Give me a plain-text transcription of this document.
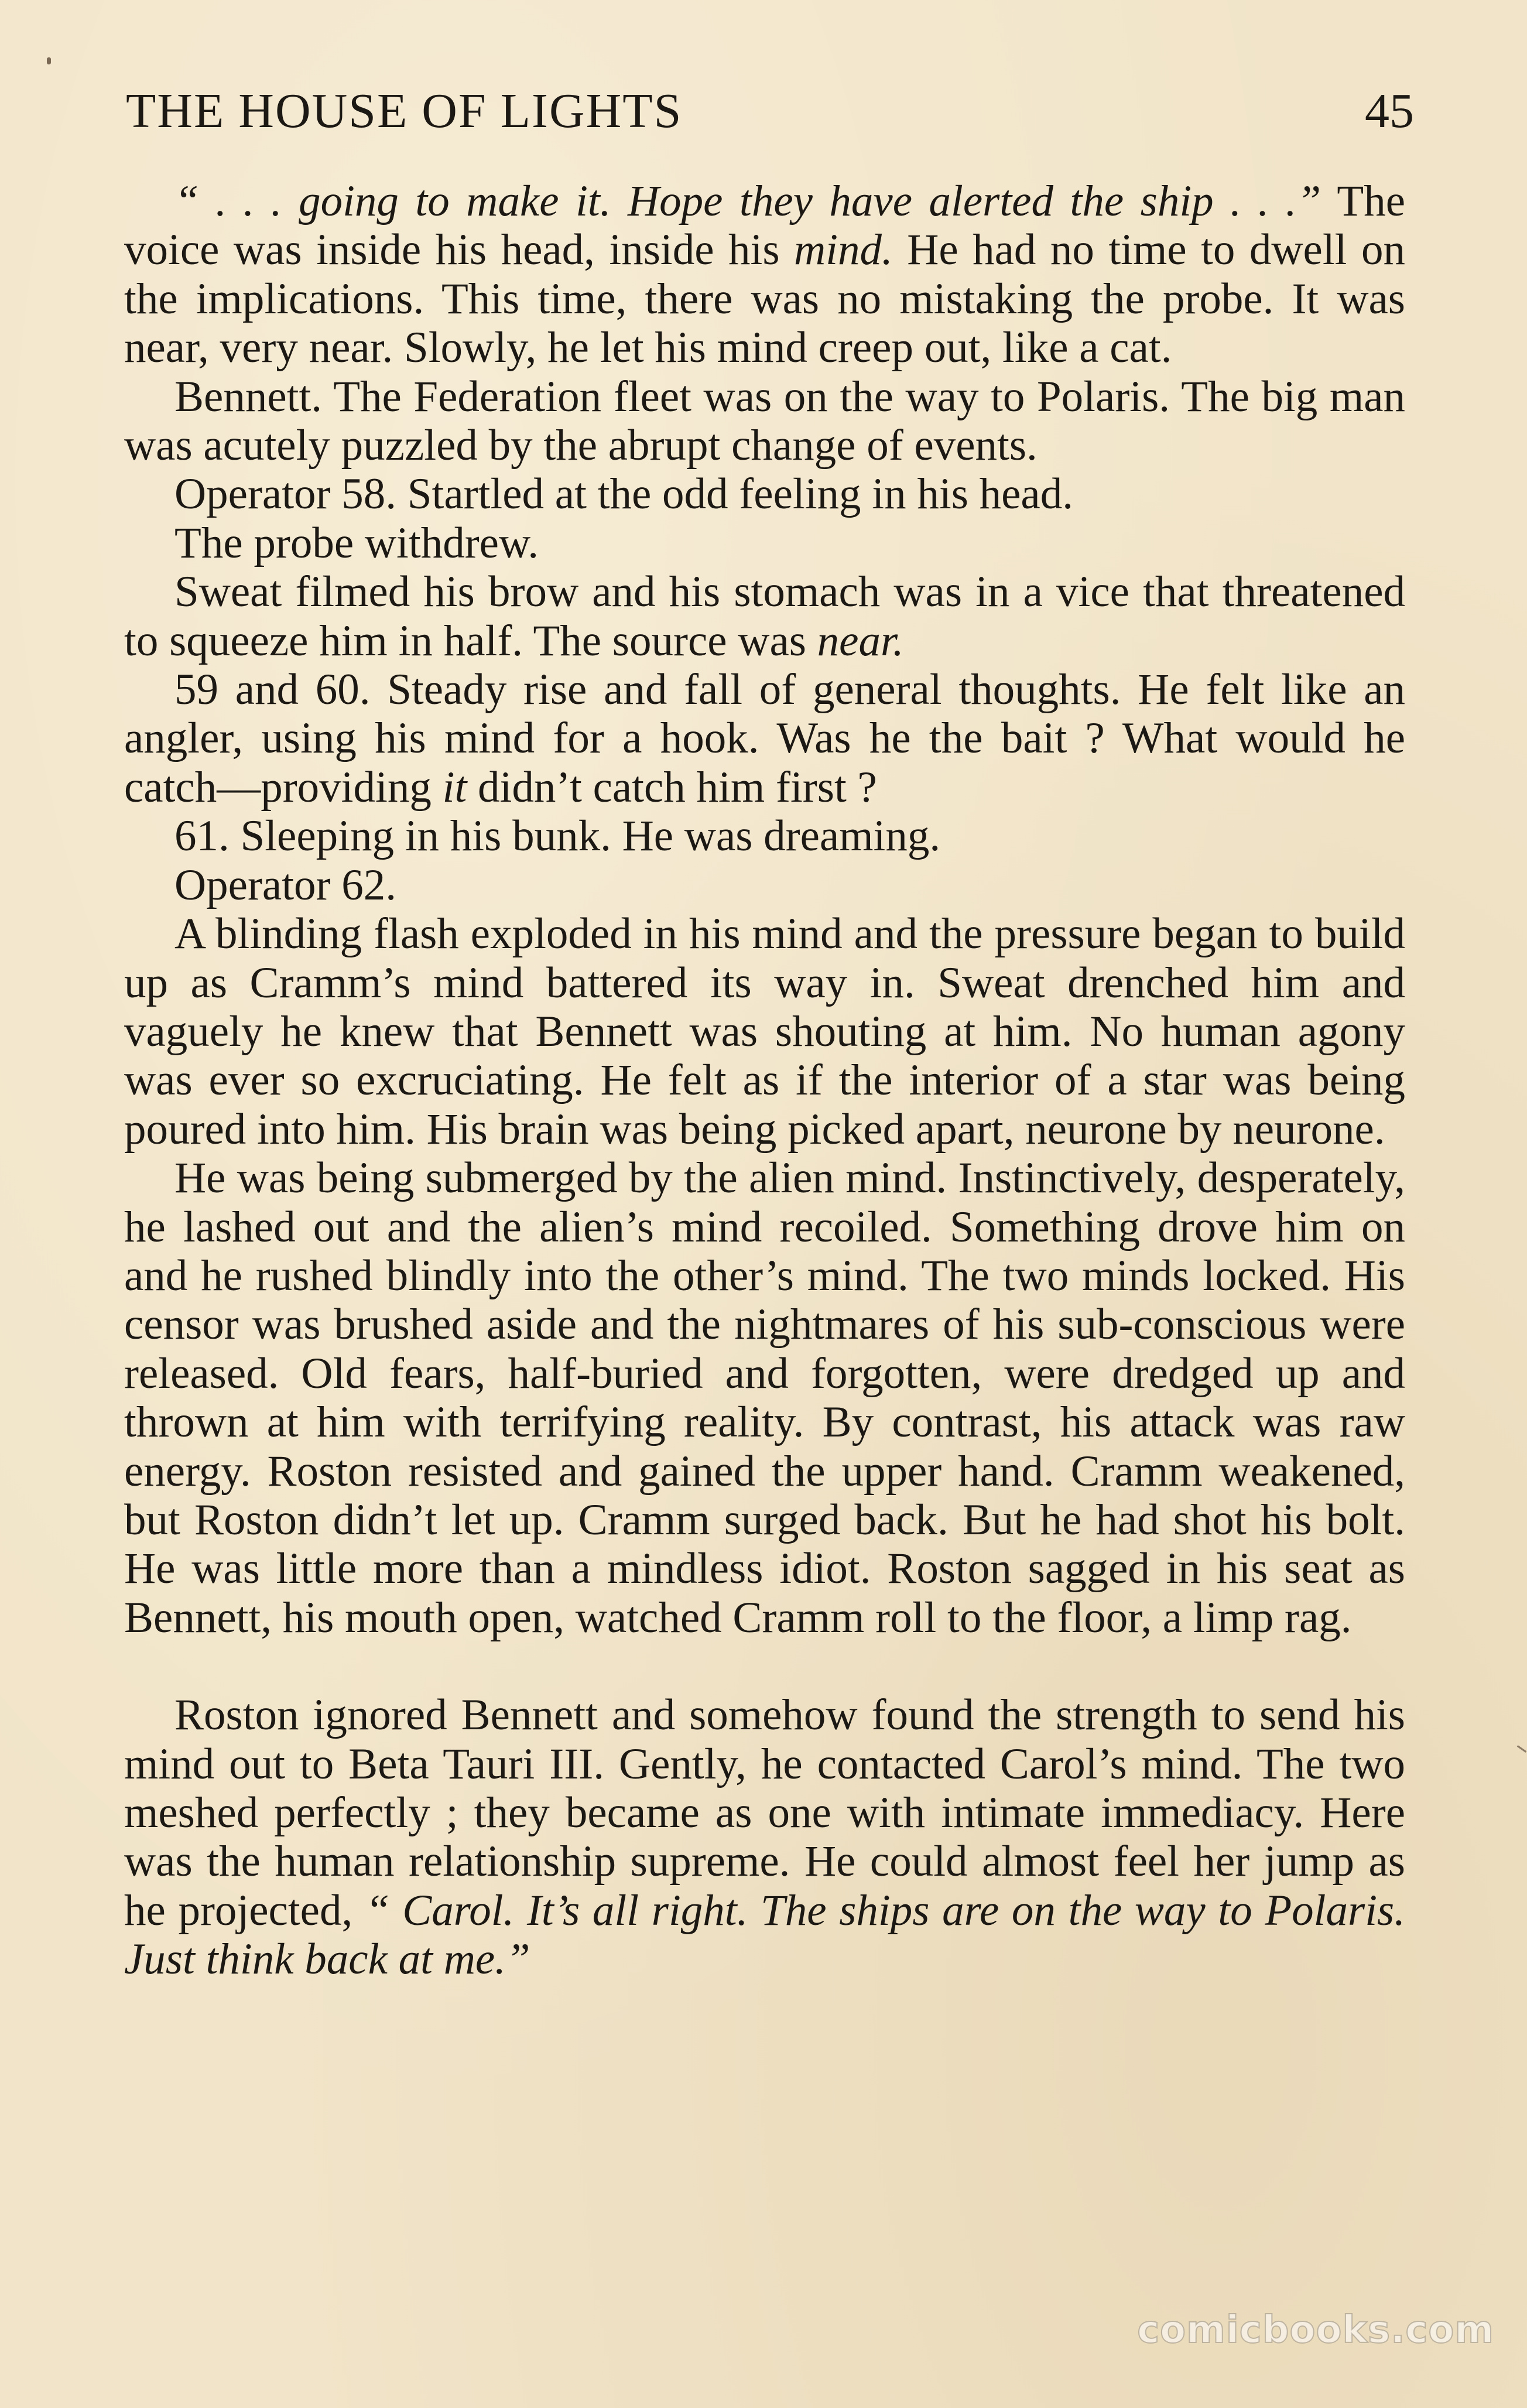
THE HOUSE OF LIGHTS	45

“ . . . going to make it. Hope they have alerted the ship . . .” The voice was inside his head, inside his mind. He had no time to dwell on the implications. This time, there was no mistaking the probe. It was near, very near. Slowly, he let his mind creep out, like a cat.

Bennett. The Federation fleet was on the way to Polaris. The big man was acutely puzzled by the abrupt change of events.

Operator 58. Startled at the odd feeling in his head.

The probe withdrew.

Sweat filmed his brow and his stomach was in a vice that threatened to squeeze him in half. The source was near.

59 and 60. Steady rise and fall of general thoughts. He felt like an angler, using his mind for a hook. Was he the bait ? What would he catch—providing it didn’t catch him first ?

61. Sleeping in his bunk. He was dreaming.

Operator 62.

A blinding flash exploded in his mind and the pressure began to build up as Cramm’s mind battered its way in. Sweat drenched him and vaguely he knew that Bennett was shouting at him. No human agony was ever so excruciating. He felt as if the interior of a star was being poured into him. His brain was being picked apart, neurone by neurone.

He was being submerged by the alien mind. Instinctively, desperately, he lashed out and the alien’s mind recoiled. Something drove him on and he rushed blindly into the other’s mind. The two minds locked. His censor was brushed aside and the nightmares of his sub-conscious were released. Old fears, half-buried and forgotten, were dredged up and thrown at him with terrifying reality. By contrast, his attack was raw energy. Roston resisted and gained the upper hand. Cramm weakened, but Roston didn’t let up. Cramm surged back. But he had shot his bolt. He was little more than a mindless idiot. Roston sagged in his seat as Bennett, his mouth open, watched Cramm roll to the floor, a limp rag.

Roston ignored Bennett and somehow found the strength to send his mind out to Beta Tauri III. Gently, he contacted Carol’s mind. The two meshed perfectly ; they became as one with intimate immediacy. Here was the human relationship supreme. He could almost feel her jump as he projected, “ Carol. It’s all right. The ships are on the way to Polaris. Just think back at me.”

comicbooks.com
